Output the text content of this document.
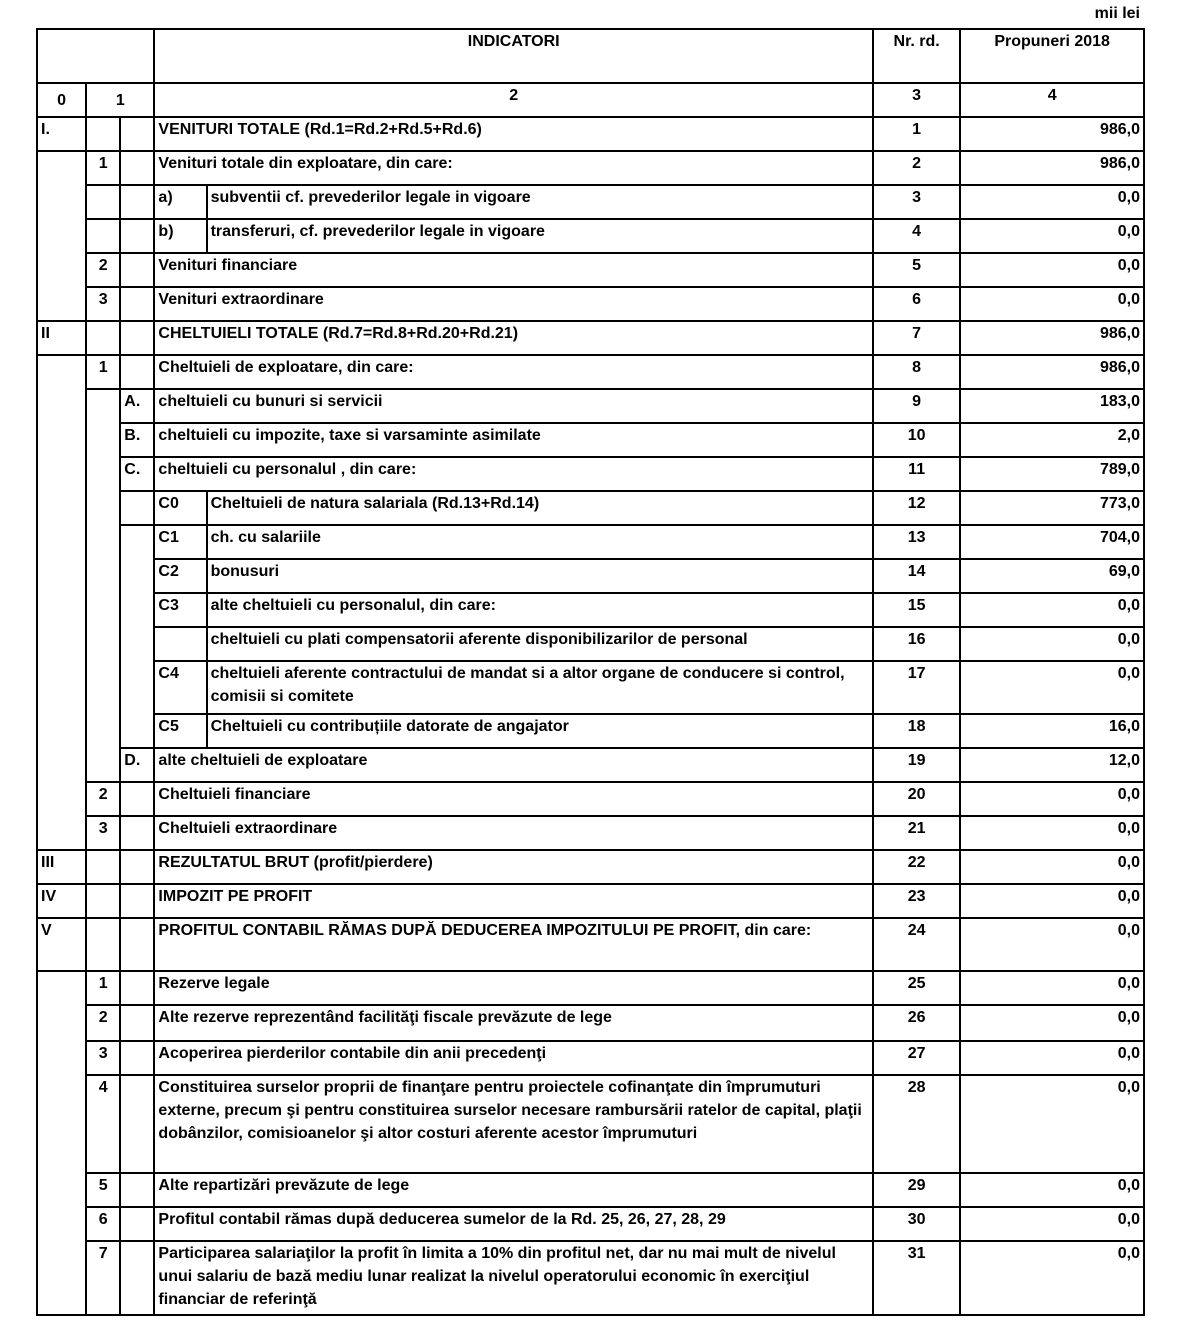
mii lei
			INDICATORI		Nr. rd.	Propuneri 2018
0	1		2		3	4
I.			VENITURI TOTALE (Rd.1=Rd.2+Rd.5+Rd.6)		1	986,0
	1		Venituri totale din exploatare, din care:		2	986,0
			a)	subventii cf. prevederilor legale in vigoare	3	0,0
			b)	transferuri, cf. prevederilor legale in vigoare	4	0,0
	2		Venituri financiare		5	0,0
	3		Venituri extraordinare		6	0,0
II			CHELTUIELI TOTALE (Rd.7=Rd.8+Rd.20+Rd.21)		7	986,0
	1		Cheltuieli de exploatare, din care:		8	986,0
		A.	cheltuieli cu bunuri si servicii		9	183,0
		B.	cheltuieli cu impozite, taxe si varsaminte asimilate		10	2,0
		C.	cheltuieli cu personalul , din care:		11	789,0
			C0	Cheltuieli de natura salariala (Rd.13+Rd.14)	12	773,0
			C1	ch. cu salariile	13	704,0
			C2	bonusuri	14	69,0
			C3	alte cheltuieli cu personalul, din care:	15	0,0
				cheltuieli cu plati compensatorii aferente disponibilizarilor de personal	16	0,0
			C4	cheltuieli aferente contractului de mandat si a altor organe de conducere si control, comisii si comitete	17	0,0
			C5	Cheltuieli cu contribuțiile datorate de angajator	18	16,0
		D.	alte cheltuieli de exploatare		19	12,0
	2		Cheltuieli financiare		20	0,0
	3		Cheltuieli extraordinare		21	0,0
III			REZULTATUL BRUT (profit/pierdere)		22	0,0
IV			IMPOZIT PE PROFIT		23	0,0
V			PROFITUL CONTABIL RĂMAS DUPĂ DEDUCEREA IMPOZITULUI PE PROFIT, din care:		24	0,0
	1		Rezerve legale		25	0,0
	2		Alte rezerve reprezentând facilităţi fiscale prevăzute de lege		26	0,0
	3		Acoperirea pierderilor contabile din anii precedenţi		27	0,0
	4		Constituirea surselor proprii de finanţare pentru proiectele cofinanţate din împrumuturi externe, precum şi pentru constituirea surselor necesare rambursării ratelor de capital, plaţii dobânzilor, comisioanelor şi altor costuri aferente acestor împrumuturi		28	0,0
	5		Alte repartizări prevăzute de lege		29	0,0
	6		Profitul contabil rămas după deducerea sumelor de la Rd. 25, 26, 27, 28, 29		30	0,0
	7		Participarea salariaţilor la profit în limita a 10% din profitul net, dar nu mai mult de nivelul unui salariu de bază mediu lunar realizat la nivelul operatorului economic în exerciţiul financiar de referinţă		31	0,0
